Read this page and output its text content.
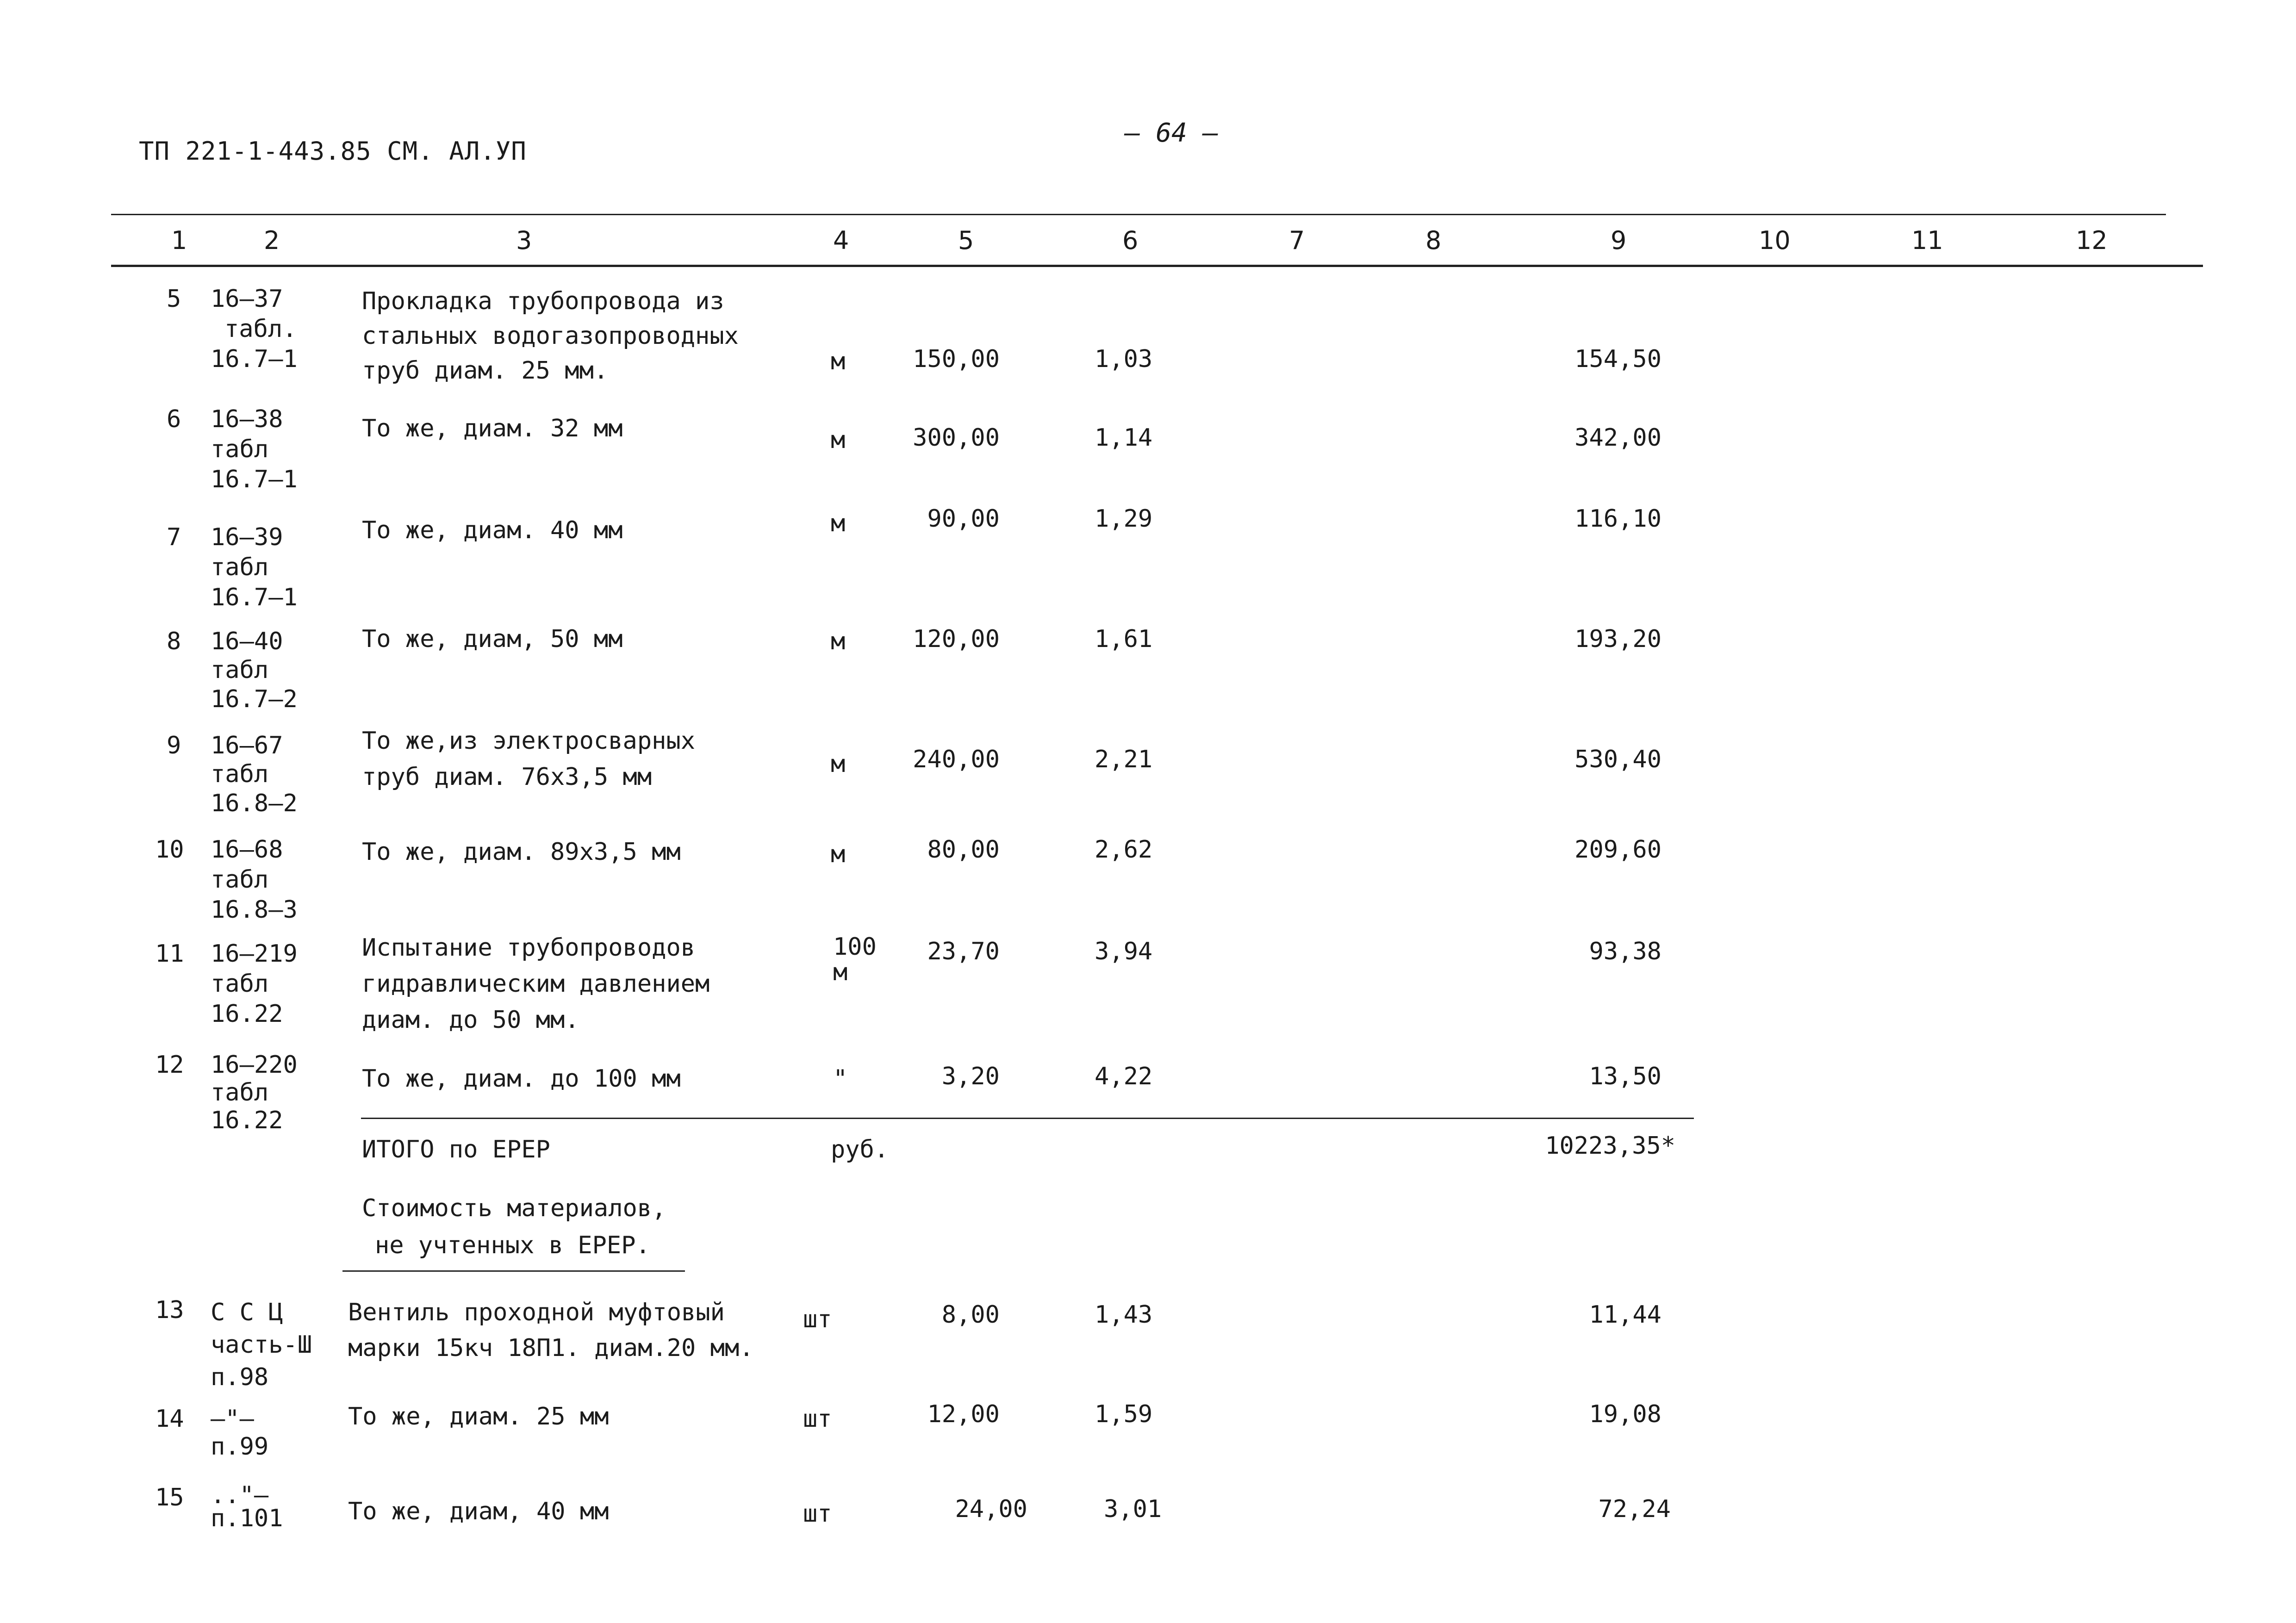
ТП 221-1-443.85 СМ. АЛ.УП
– 64 –
1	2	3	4	5	6	7	8	9	10	11	12
5 16–37
табл.
16.7–1
Прокладка трубопровода из
стальных водогазопроводных
труб диам. 25 мм.	м	150,00	1,03	154,50
6 16–38
табл
16.7–1
То же, диам. 32 мм	м	300,00	1,14	342,00
7 16–39
табл
16.7–1
То же, диам. 40 мм	м	90,00	1,29	116,10
8 16–40
табл
16.7–2
То же, диам, 50 мм	м	120,00	1,61	193,20
9 16–67
табл
16.8–2
То же,из электросварных
труб диам. 76х3,5 мм	м	240,00	2,21	530,40
10 16–68
табл
16.8–3
То же, диам. 89х3,5 мм	м	80,00	2,62	209,60
11 16–219
табл
16.22
Испытание трубопроводов
гидравлическим давлением
диам. до 50 мм.
100
м
23,70	3,94	93,38
12 16–220
табл
16.22
То же, диам. до 100 мм	"	3,20	4,22	13,50
ИТОГО по ЕРЕР	руб.	10223,35*
Стоимость материалов,
не учтенных в ЕРЕР.
13 С С Ц
часть-Ш
п.98
Вентиль проходной муфтовый
марки 15кч 18П1. диам.20 мм.
шт	8,00	1,43	11,44
14 –"–
п.99
То же, диам. 25 мм	шт	12,00	1,59	19,08
15 .."–
п.101	То же, диам, 40 мм	шт	24,00	3,01	72,24
